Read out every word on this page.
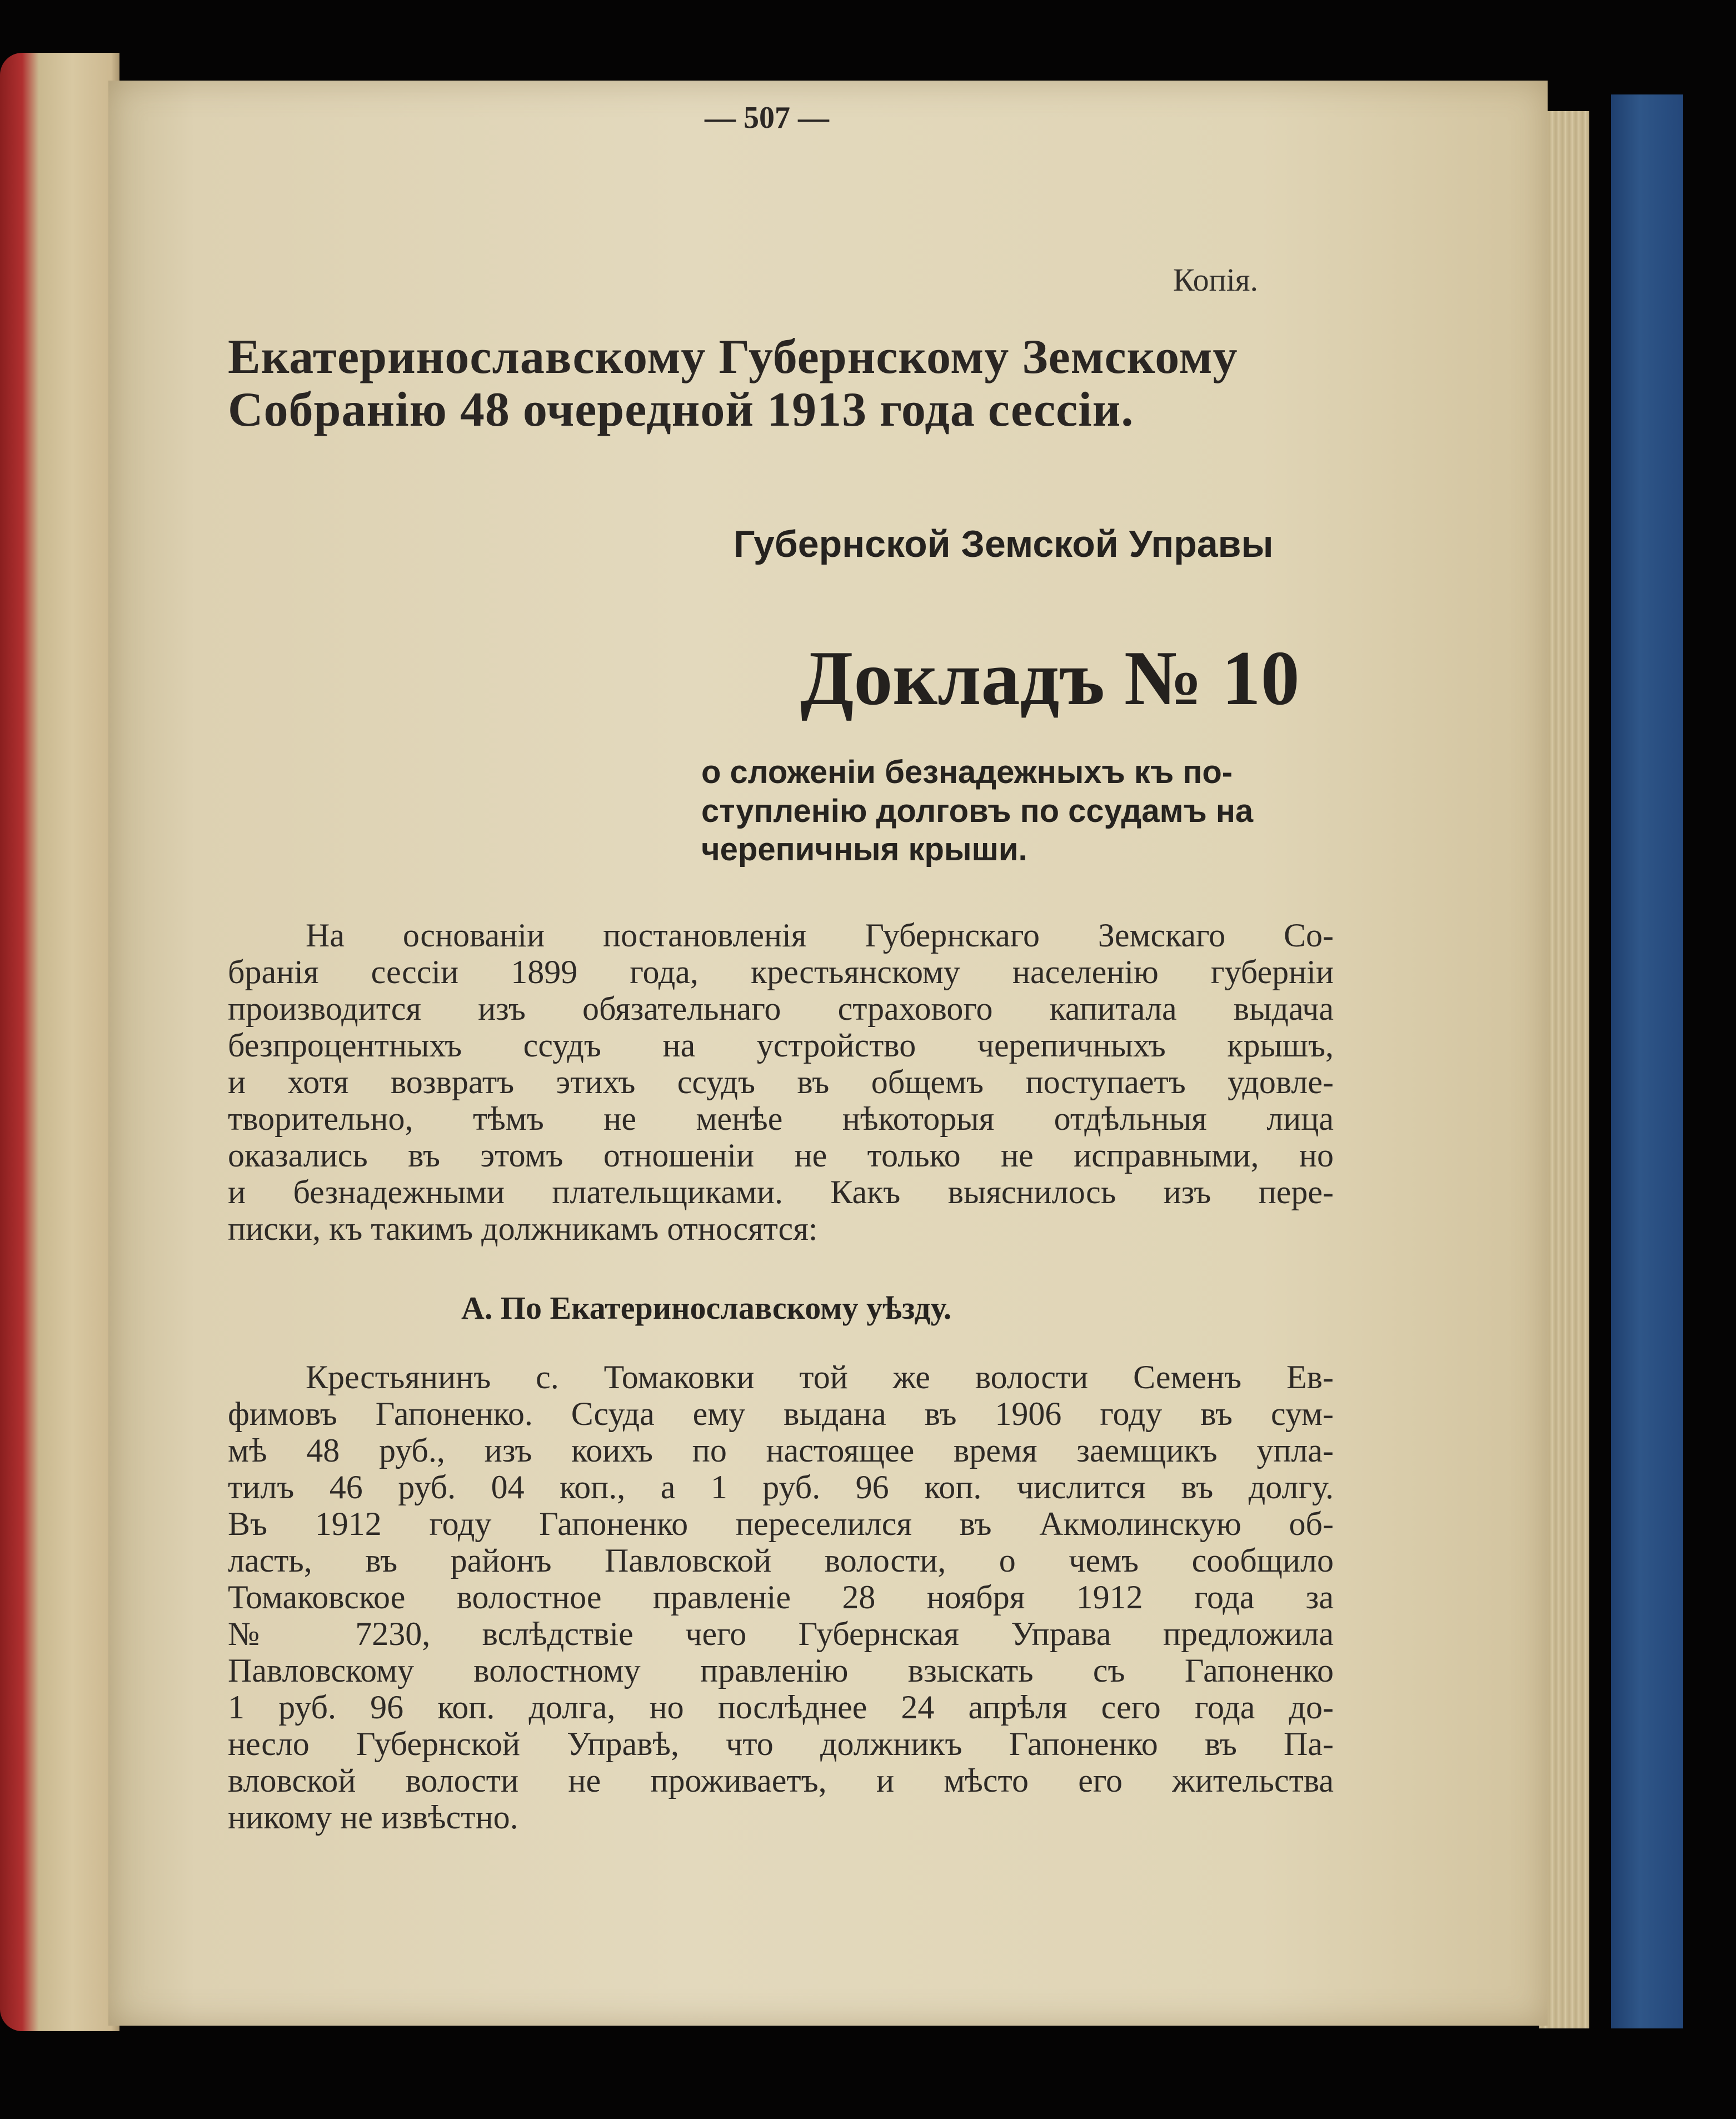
— 507 —
Копія.
Екатеринославскому Губернскому Земскому
Собранію 48 очередной 1913 года сессіи.
Губернской Земской Управы
Докладъ № 10
о сложеніи безнадежныхъ къ по-
ступленію долговъ по ссудамъ на
черепичныя крыши.
На основаніи постановленія Губернскаго Земскаго Со-
бранія сессіи 1899 года, крестьянскому населенію губерніи
производится изъ обязательнаго страхового капитала выдача
безпроцентныхъ ссудъ на устройство черепичныхъ крышъ,
и хотя возвратъ этихъ ссудъ въ общемъ поступаетъ удовле-
творительно, тѣмъ не менѣе нѣкоторыя отдѣльныя лица
оказались въ этомъ отношеніи не только не исправными, но
и безнадежными плательщиками. Какъ выяснилось изъ пере-
писки, къ такимъ должникамъ относятся:
А. По Екатеринославскому уѣзду.
Крестьянинъ с. Томаковки той же волости Семенъ Ев-
фимовъ Гапоненко. Ссуда ему выдана въ 1906 году въ сум-
мѣ 48 руб., изъ коихъ по настоящее время заемщикъ упла-
тилъ 46 руб. 04 коп., а 1 руб. 96 коп. числится въ долгу.
Въ 1912 году Гапоненко переселился въ Акмолинскую об-
ласть, въ районъ Павловской волости, о чемъ сообщило
Томаковское волостное правленіе 28 ноября 1912 года за
№ 7230, вслѣдствіе чего Губернская Управа предложила
Павловскому волостному правленію взыскать съ Гапоненко
1 руб. 96 коп. долга, но послѣднее 24 апрѣля сего года до-
несло Губернской Управѣ, что должникъ Гапоненко въ Па-
вловской волости не проживаетъ, и мѣсто его жительства
никому не извѣстно.
